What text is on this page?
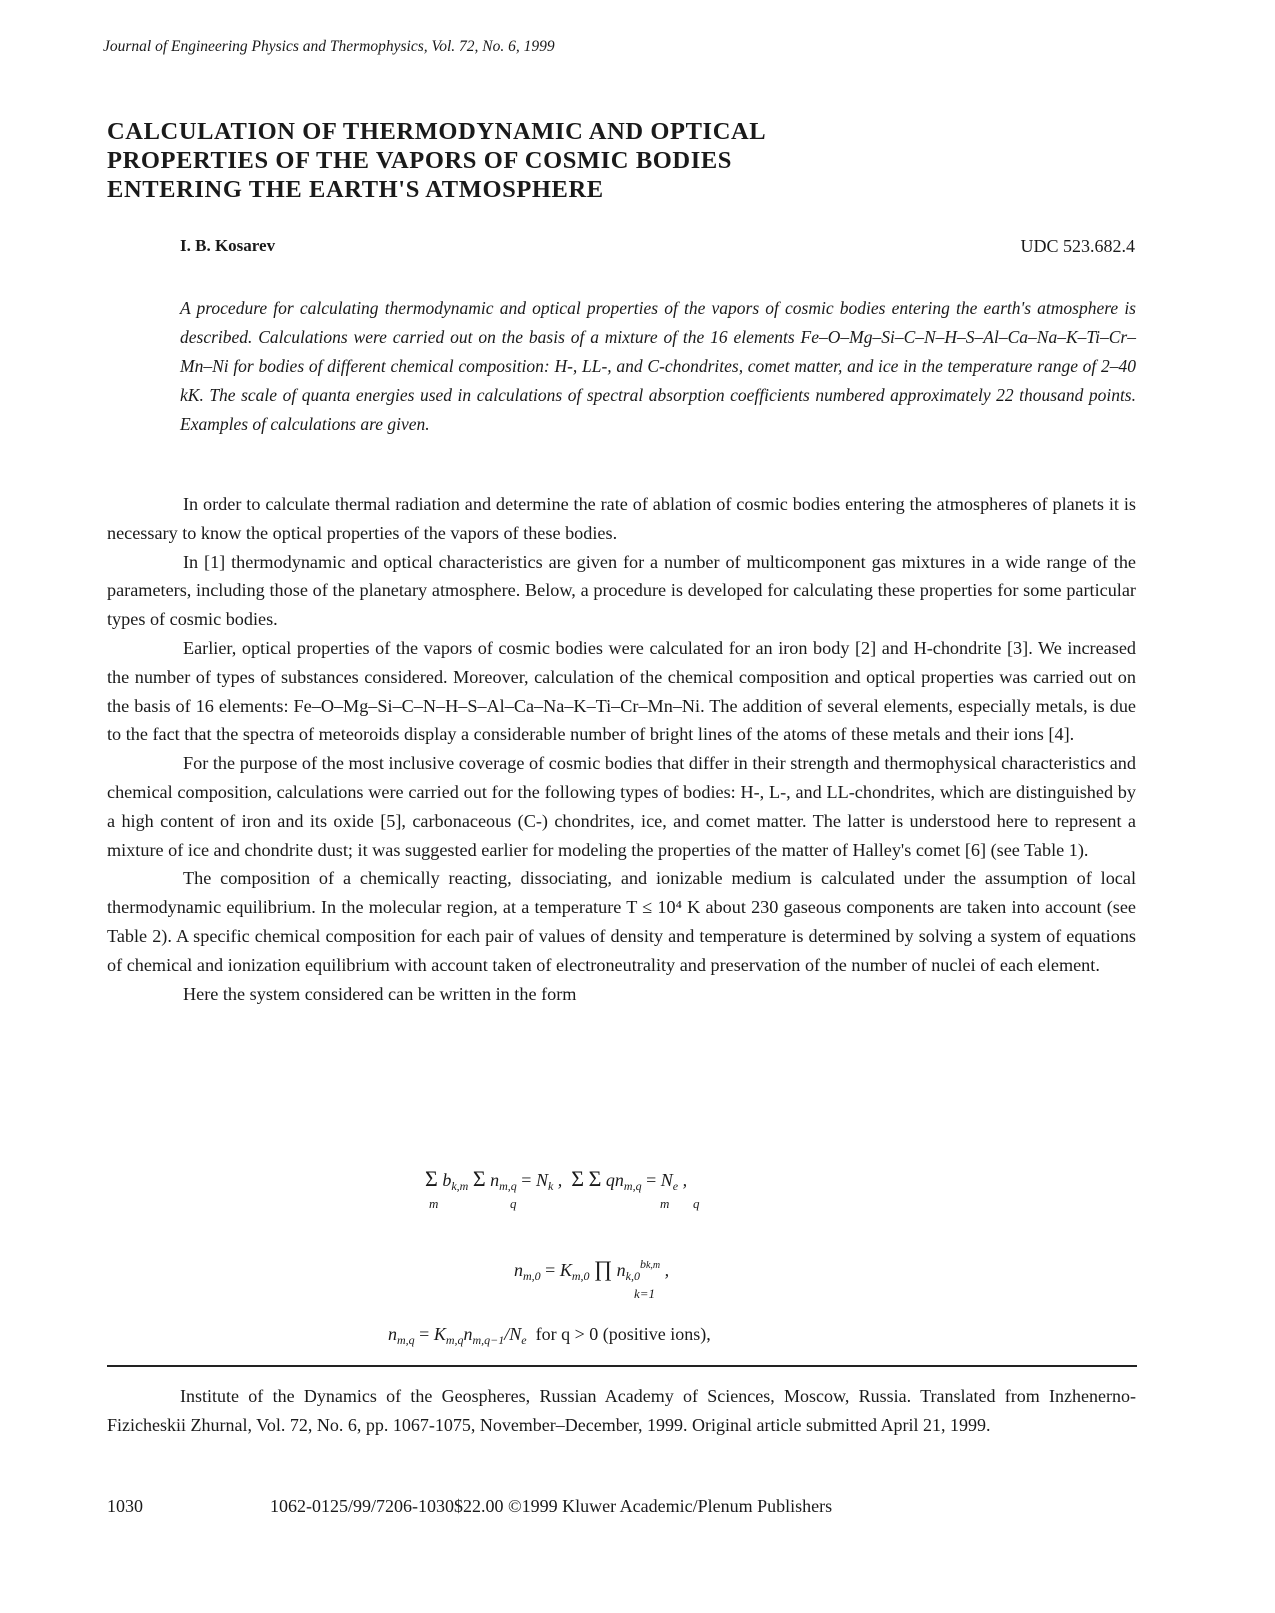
Journal of Engineering Physics and Thermophysics, Vol. 72, No. 6, 1999
CALCULATION OF THERMODYNAMIC AND OPTICAL
PROPERTIES OF THE VAPORS OF COSMIC BODIES
ENTERING THE EARTH'S ATMOSPHERE
I. B. Kosarev	UDC 523.682.4
A procedure for calculating thermodynamic and optical properties of the vapors of cosmic bodies entering the earth's atmosphere is described. Calculations were carried out on the basis of a mixture of the 16 elements Fe–O–Mg–Si–C–N–H–S–Al–Ca–Na–K–Ti–Cr–Mn–Ni for bodies of different chemical composition: H-, LL-, and C-chondrites, comet matter, and ice in the temperature range of 2–40 kK. The scale of quanta energies used in calculations of spectral absorption coefficients numbered approximately 22 thousand points. Examples of calculations are given.

In order to calculate thermal radiation and determine the rate of ablation of cosmic bodies entering the atmospheres of planets it is necessary to know the optical properties of the vapors of these bodies.

In [1] thermodynamic and optical characteristics are given for a number of multicomponent gas mixtures in a wide range of the parameters, including those of the planetary atmosphere. Below, a procedure is developed for calculating these properties for some particular types of cosmic bodies.

Earlier, optical properties of the vapors of cosmic bodies were calculated for an iron body [2] and H-chondrite [3]. We increased the number of types of substances considered. Moreover, calculation of the chemical composition and optical properties was carried out on the basis of 16 elements: Fe–O–Mg–Si–C–N–H–S–Al–Ca–Na–K–Ti–Cr–Mn–Ni. The addition of several elements, especially metals, is due to the fact that the spectra of meteoroids display a considerable number of bright lines of the atoms of these metals and their ions [4].

For the purpose of the most inclusive coverage of cosmic bodies that differ in their strength and thermophysical characteristics and chemical composition, calculations were carried out for the following types of bodies: H-, L-, and LL-chondrites, which are distinguished by a high content of iron and its oxide [5], carbonaceous (C-) chondrites, ice, and comet matter. The latter is understood here to represent a mixture of ice and chondrite dust; it was suggested earlier for modeling the properties of the matter of Halley's comet [6] (see Table 1).

The composition of a chemically reacting, dissociating, and ionizable medium is calculated under the assumption of local thermodynamic equilibrium. In the molecular region, at a temperature T ≤ 10⁴ K about 230 gaseous components are taken into account (see Table 2). A specific chemical composition for each pair of values of density and temperature is determined by solving a system of equations of chemical and ionization equilibrium with account taken of electroneutrality and preservation of the number of nuclei of each element.

Here the system considered can be written in the form

Σ $b_{k,m}$ Σ $n_{m,q} = N_k$ ,  Σ Σ $qn_{m,q} = N_e$ ,
m	q	m q
$n_{m,0} = K_{m,0}$ ∏ $n_{k,0}^{bk,m}$ ,
k=1
$n_{m,q} = K_{m,q}n_{m,q-1}/N_e$ for q > 0 (positive ions),

Institute of the Dynamics of the Geospheres, Russian Academy of Sciences, Moscow, Russia. Translated from Inzhenerno-Fizicheskii Zhurnal, Vol. 72, No. 6, pp. 1067-1075, November–December, 1999. Original article submitted April 21, 1999.

1030	1062-0125/99/7206-1030$22.00 ©1999 Kluwer Academic/Plenum Publishers
